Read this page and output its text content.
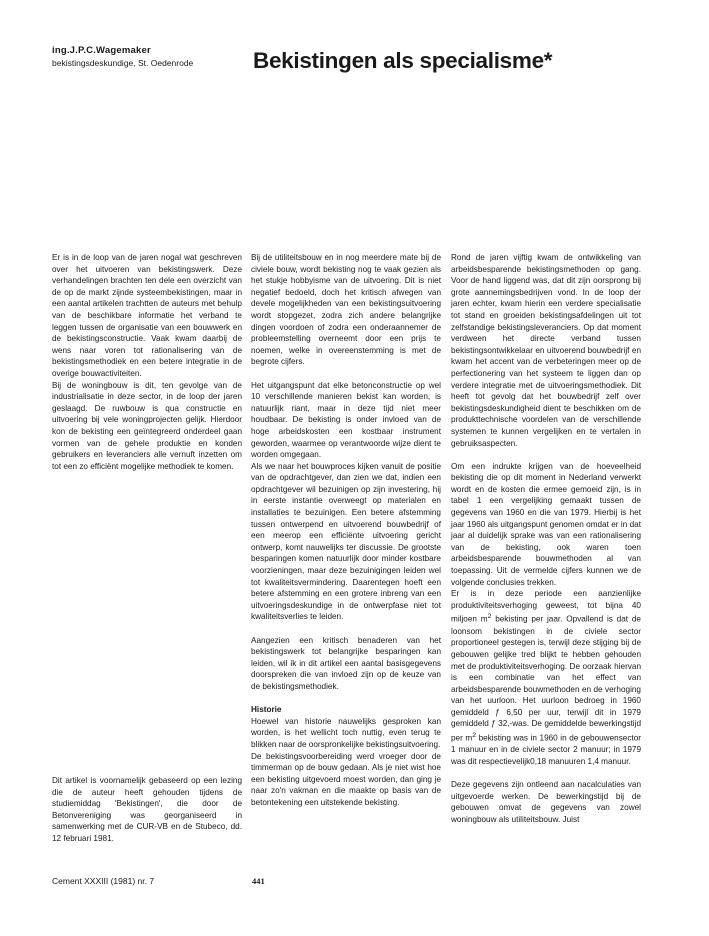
ing.J.P.C.Wagemaker
bekistingsdeskundige, St. Oedenrode	Bekistingen als specialisme*

Er is in de loop van de jaren nogal wat geschreven over het uitvoeren van bekistingswerk. Deze verhandelingen brachten ten dele een overzicht van de op de markt zijnde systeembekistingen, maar in een aantal artikelen trachtten de auteurs met behulp van de beschikbare informatie het verband te leggen tussen de organisatie van een bouwwerk en de bekistingsconstructie. Vaak kwam daarbij de wens naar voren tot rationalisering van de bekistingsmethodiek en een betere integratie in de overige bouwactiviteiten.

Bij de woningbouw is dit, ten gevolge van de industrialisatie in deze sector, in de loop der jaren geslaagd. De ruwbouw is qua constructie en uitvoering bij vele woningprojecten gelijk. Hierdoor kon de bekisting een geïntegreerd onderdeel gaan vormen van de gehele produktie en konden gebruikers en leveranciers alle vernuft inzetten om tot een zo efficiënt mogelijke methodiek te komen.

Dit artikel is voornamelijk gebaseerd op een lezing die de auteur heeft gehouden tijdens de studiemiddag 'Bekistingen', die door de Betonvereniging was georganiseerd in samenwerking met de CUR-VB en de Stubeco, dd. 12 februari 1981.

Bij de utiliteitsbouw en in nog meerdere mate bij de civiele bouw, wordt bekisting nog te vaak gezien als het stukje hobbyisme van de uitvoering. Dit is niet negatief bedoeld, doch het kritisch afwegen van devele mogelijkheden van een bekistingsuitvoering wordt stopgezet, zodra zich andere belangrijke dingen voordoen of zodra een onderaannemer de probleemstelling overneemt door een prijs te noemen, welke in overeenstemming is met de begrote cijfers.

Het uitgangspunt dat elke betonconstructie op wel 10 verschillende manieren bekist kan worden, is natuurlijk riant, maar in deze tijd niet meer houdbaar. De bekisting is onder invloed van de hoge arbeidskosten een kostbaar instrument geworden, waarmee op verantwoorde wijze dient te worden omgegaan.

Als we naar het bouwproces kijken vanuit de positie van de opdrachtgever, dan zien we dat, indien een opdrachtgever wil bezuinigen op zijn investering, hij in eerste instantie overweegt op materialen en installaties te bezuinigen. Een betere afstemming tussen ontwerpend en uitvoerend bouwbedrijf of een meerop een efficiënte uitvoering gericht ontwerp, komt nauwelijks ter discussie. De grootste besparingen komen natuurlijk door minder kostbare voorzieningen, maar deze bezuinigingen leiden wel tot kwaliteitsvermindering. Daarentegen hoeft een betere afstemming en een grotere inbreng van een uitvoeringsdeskundige in de ontwerpfase niet tot kwaliteitsverlies te leiden.

Aangezien een kritisch benaderen van het bekistingswerk tot belangrijke besparingen kan leiden, wil ik in dit artikel een aantal basisgegevens doorspreken die van invloed zijn op de keuze van de bekistingsmethodiek.

Historie

Hoewel van historie nauwelijks gesproken kan worden, is het wellicht toch nuttig, even terug te blikken naar de oorspronkelijke bekistingsuitvoering.

De bekistingsvoorbereiding werd vroeger door de timmerman op de bouw gedaan. Als je niet wist hoe een bekisting uitgevoerd moest worden, dan ging je naar zo'n vakman en die maakte op basis van de betontekening een uitstekende bekisting.

Rond de jaren vijftig kwam de ontwikkeling van arbeidsbesparende bekistingsmethoden op gang. Voor de hand liggend was, dat dit zijn oorsprong bij grote aannemingsbedrijven vond. In de loop der jaren echter, kwam hierin een verdere specialisatie tot stand en groeiden bekistingsafdelingen uit tot zelfstandige bekistingsleveranciers. Op dat moment verdween het directe verband tussen bekistingsontwikkelaar en uitvoerend bouwbedrijf en kwam het accent van de verbeteringen meer op de perfectionering van het systeem te liggen dan op verdere integratie met de uitvoeringsmethodiek. Dit heeft tot gevolg dat het bouwbedrijf zelf over bekistingsdeskundigheid dient te beschikken om de produkttechnische voordelen van de verschillende systemen te kunnen vergelijken en te vertalen in gebruiksaspecten.

Om een indrukte krijgen van de hoeveelheid bekisting die op dit moment in Nederland verwerkt wordt en de kosten die ermee gemoeid zijn, is in tabel 1 een vergelijking gemaakt tussen de gegevens van 1960 en die van 1979. Hierbij is het jaar 1960 als uitgangspunt genomen omdat er in dat jaar al duidelijk sprake was van een rationalisering van de bekisting, ook waren toen arbeidsbesparende bouwmethoden al van toepassing. Uit de vermelde cijfers kunnen we de volgende conclusies trekken.

Er is in deze periode een aanzienlijke produktiviteitsverhoging geweest, tot bijna 40 miljoen $m^2$ bekisting per jaar. Opvallend is dat de loonsom bekistingen in de civiele sector proportioneel gestegen is, terwijl deze stijging bij de gebouwen gelijke tred blijkt te hebben gehouden met de produktiviteitsverhoging. De oorzaak hiervan is een combinatie van het effect van arbeidsbesparende bouwmethoden en de verhoging van het uurloon. Het uurloon bedroeg in 1960 gemiddeld ƒ 6,50 per uur, terwijl dit in 1979 gemiddeld ƒ 32,-was. De gemiddelde bewerkingstijd per $m^2$ bekisting was in 1960 in de gebouwensector 1 manuur en in de civiele sector 2 manuur; in 1979 was dit respectievelijk0,18 manuuren 1,4 manuur.

Deze gegevens zijn ontleend aan nacalculaties van uitgevoerde werken. De bewerkingstijd bij de gebouwen omvat de gegevens van zowel woningbouw als utiliteitsbouw. Juist

Cement XXXIII (1981) nr. 7	441
